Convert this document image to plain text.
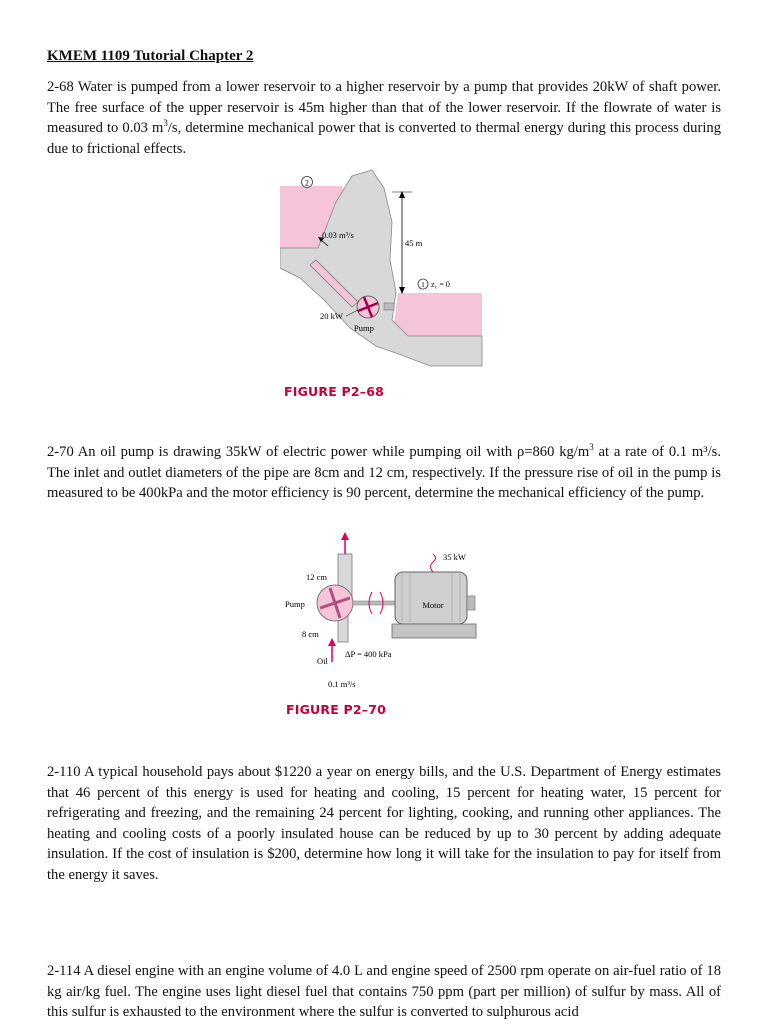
KMEM 1109 Tutorial Chapter 2
2-68 Water is pumped from a lower reservoir to a higher reservoir by a pump that provides 20kW of shaft power. The free surface of the upper reservoir is 45m higher than that of the lower reservoir. If the flowrate of water is measured to 0.03 $m^3/s$, determine mechanical power that is converted to thermal energy during this process during due to frictional effects.
2
0.03 m³/s
45 m
1 z₁ = 0
20 kW
Pump
FIGURE P2–68
2-70 An oil pump is drawing 35kW of electric power while pumping oil with ρ=860 $kg/m^3$ at a rate of 0.1 m³/s. The inlet and outlet diameters of the pipe are 8cm and 12 cm, respectively. If the pressure rise of oil in the pump is measured to be 400kPa and the motor efficiency is 90 percent, determine the mechanical efficiency of the pump.
Motor
35 kW
12 cm
Pump
8 cm
ΔP = 400 kPa
Oil
0.1 m³/s
FIGURE P2–70
2-110 A typical household pays about $1220 a year on energy bills, and the U.S. Department of Energy estimates that 46 percent of this energy is used for heating and cooling, 15 percent for heating water, 15 percent for refrigerating and freezing, and the remaining 24 percent for lighting, cooking, and running other appliances. The heating and cooling costs of a poorly insulated house can be reduced by up to 30 percent by adding adequate insulation. If the cost of insulation is $200, determine how long it will take for the insulation to pay for itself from the energy it saves.
2-114 A diesel engine with an engine volume of 4.0 L and engine speed of 2500 rpm operate on air-fuel ratio of 18 kg air/kg fuel. The engine uses light diesel fuel that contains 750 ppm (part per million) of sulfur by mass. All of this sulfur is exhausted to the environment where the sulfur is converted to sulphurous acid
